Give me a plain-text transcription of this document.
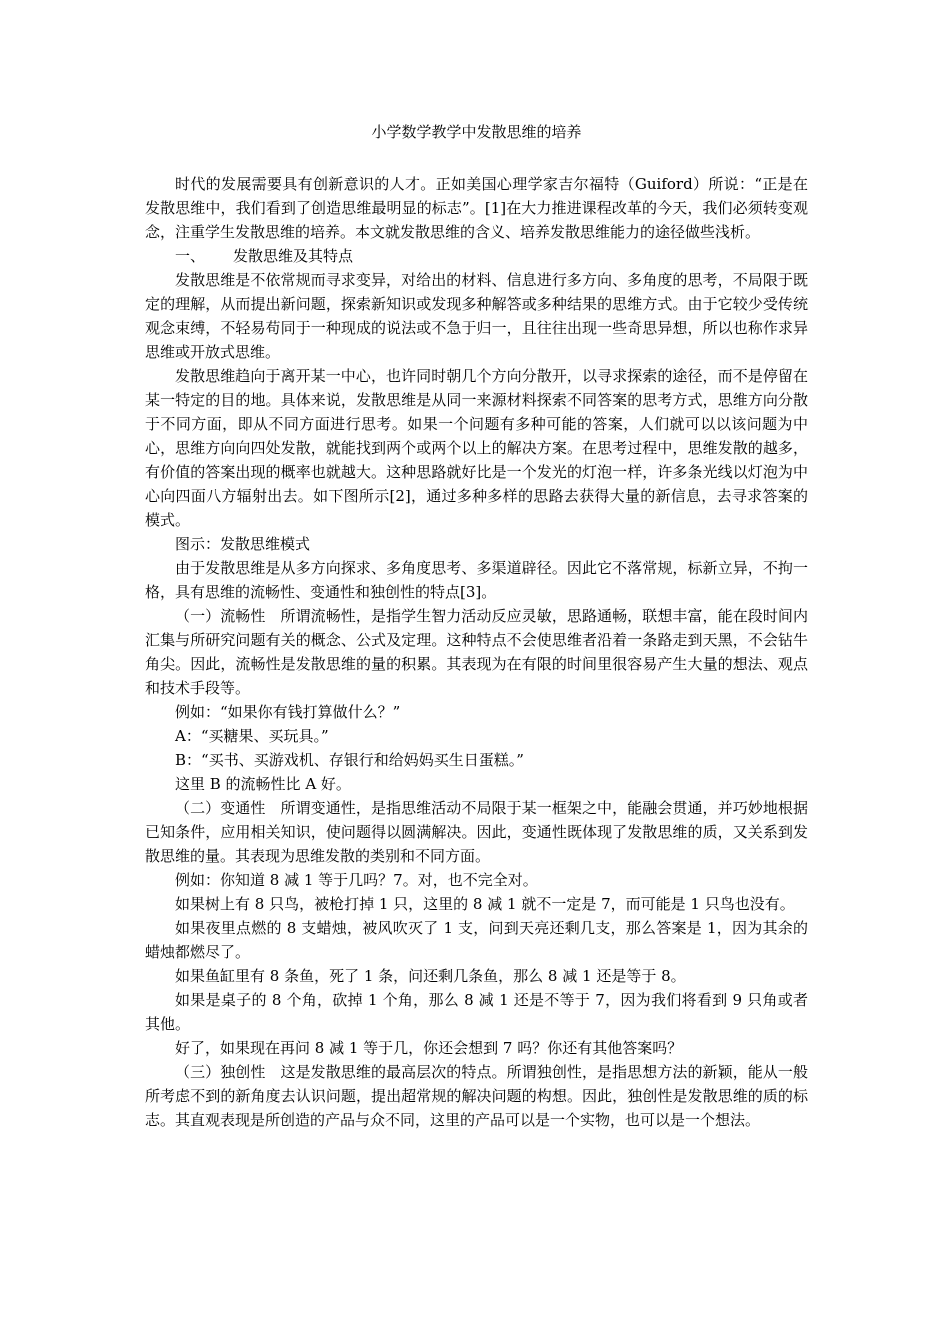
小学数学教学中发散思维的培养

时代的发展需要具有创新意识的人才。正如美国心理学家吉尔福特（Guiford）所说：“正是在发散思维中，我们看到了创造思维最明显的标志”。[1]在大力推进课程改革的今天，我们必须转变观念，注重学生发散思维的培养。本文就发散思维的含义、培养发散思维能力的途径做些浅析。

一、 发散思维及其特点

发散思维是不依常规而寻求变异，对给出的材料、信息进行多方向、多角度的思考，不局限于既定的理解，从而提出新问题，探索新知识或发现多种解答或多种结果的思维方式。由于它较少受传统观念束缚，不轻易苟同于一种现成的说法或不急于归一，且往往出现一些奇思异想，所以也称作求异思维或开放式思维。

发散思维趋向于离开某一中心，也许同时朝几个方向分散开，以寻求探索的途径，而不是停留在某一特定的目的地。具体来说，发散思维是从同一来源材料探索不同答案的思考方式，思维方向分散于不同方面，即从不同方面进行思考。如果一个问题有多种可能的答案，人们就可以以该问题为中心，思维方向向四处发散，就能找到两个或两个以上的解决方案。在思考过程中，思维发散的越多，有价值的答案出现的概率也就越大。这种思路就好比是一个发光的灯泡一样，许多条光线以灯泡为中心向四面八方辐射出去。如下图所示[2]，通过多种多样的思路去获得大量的新信息，去寻求答案的模式。

图示：发散思维模式

由于发散思维是从多方向探求、多角度思考、多渠道辟径。因此它不落常规，标新立异，不拘一格，具有思维的流畅性、变通性和独创性的特点[3]。

（一）流畅性　所谓流畅性，是指学生智力活动反应灵敏，思路通畅，联想丰富，能在段时间内汇集与所研究问题有关的概念、公式及定理。这种特点不会使思维者沿着一条路走到天黑，不会钻牛角尖。因此，流畅性是发散思维的量的积累。其表现为在有限的时间里很容易产生大量的想法、观点和技术手段等。

例如：“如果你有钱打算做什么？”

A：“买糖果、买玩具。”

B：“买书、买游戏机、存银行和给妈妈买生日蛋糕。”

这里 B 的流畅性比 A 好。

（二）变通性　所谓变通性，是指思维活动不局限于某一框架之中，能融会贯通，并巧妙地根据已知条件，应用相关知识，使问题得以圆满解决。因此，变通性既体现了发散思维的质，又关系到发散思维的量。其表现为思维发散的类别和不同方面。

例如：你知道 8 减 1 等于几吗？7。对，也不完全对。

如果树上有 8 只鸟，被枪打掉 1 只，这里的 8 减 1 就不一定是 7，而可能是 1 只鸟也没有。

如果夜里点燃的 8 支蜡烛，被风吹灭了 1 支，问到天亮还剩几支，那么答案是 1，因为其余的蜡烛都燃尽了。

如果鱼缸里有 8 条鱼，死了 1 条，问还剩几条鱼，那么 8 减 1 还是等于 8。

如果是桌子的 8 个角，砍掉 1 个角，那么 8 减 1 还是不等于 7，因为我们将看到 9 只角或者其他。

好了，如果现在再问 8 减 1 等于几，你还会想到 7 吗？你还有其他答案吗？

（三）独创性　这是发散思维的最高层次的特点。所谓独创性，是指思想方法的新颖，能从一般所考虑不到的新角度去认识问题，提出超常规的解决问题的构想。因此，独创性是发散思维的质的标志。其直观表现是所创造的产品与众不同，这里的产品可以是一个实物，也可以是一个想法。
